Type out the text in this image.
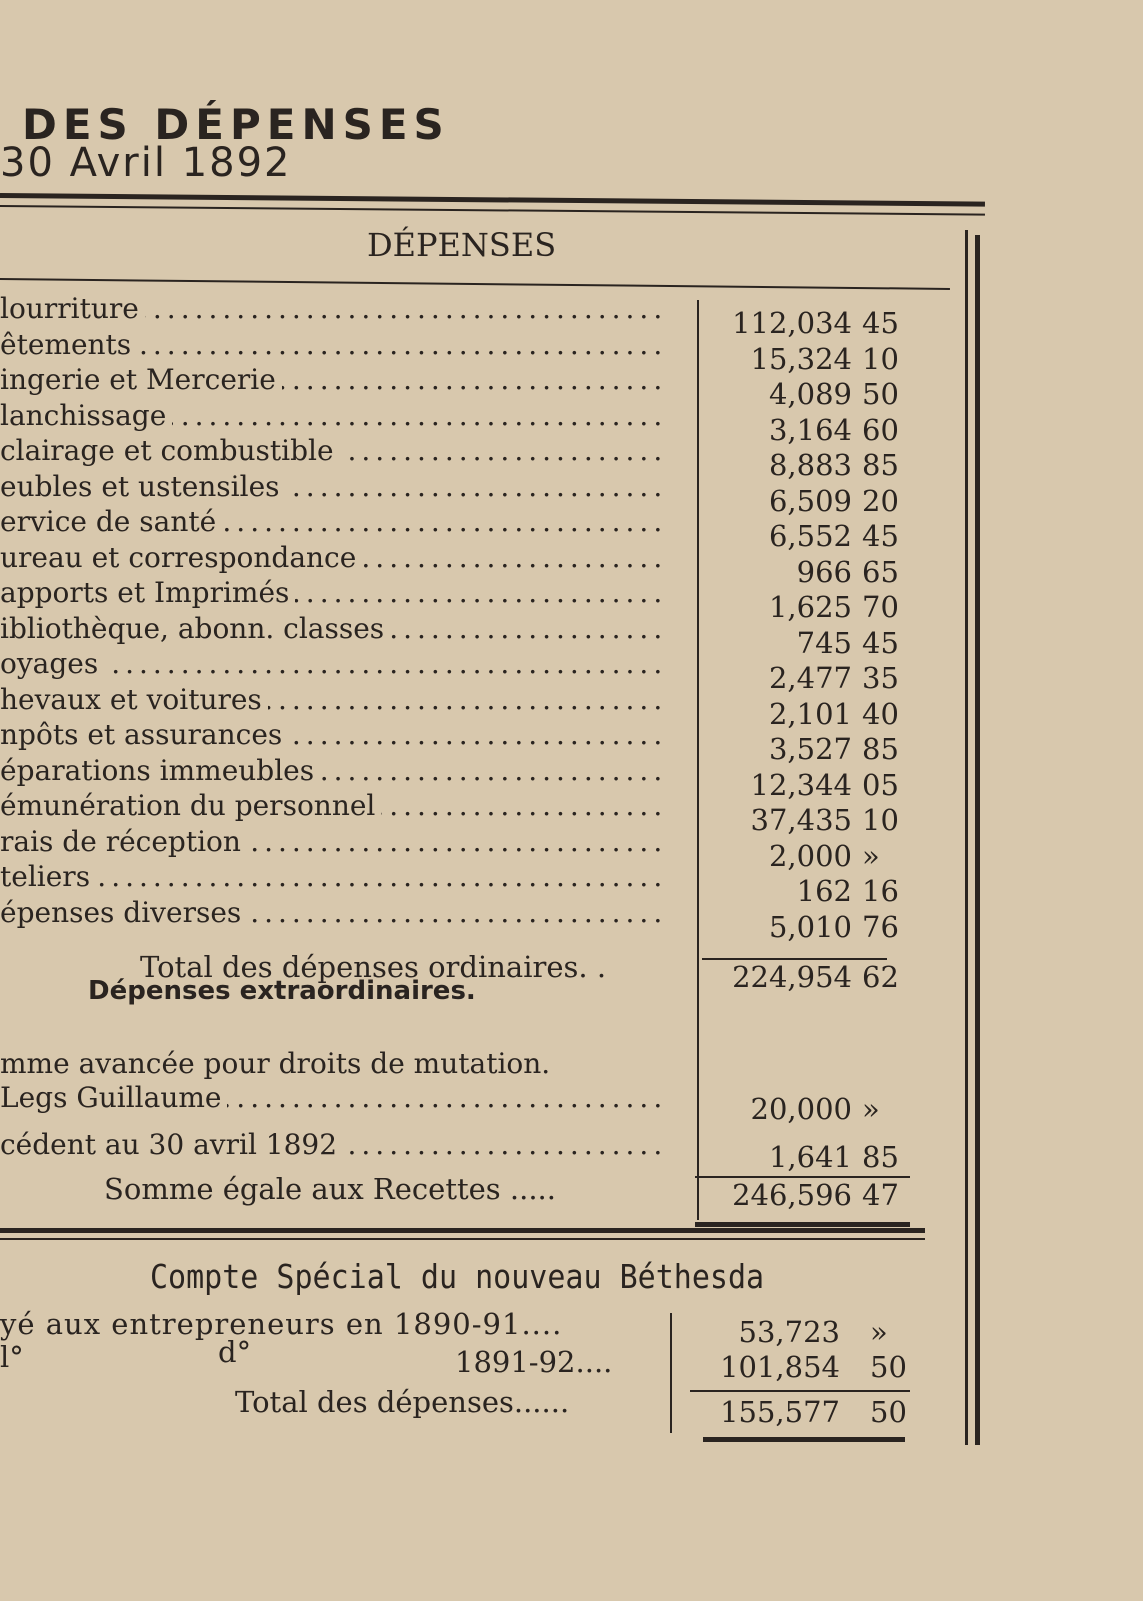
DES DÉPENSES
30 Avril 1892
DÉPENSES
lourriture .....	112,034 45
êtements .....	15,324 10
ingerie et Mercerie .....	4,089 50
lanchissage .....	3,164 60
clairage et combustible .....	8,883 85
eubles et ustensiles .....	6,509 20
ervice de santé .....	6,552 45
ureau et correspondance .....	966 65
apports et Imprimés .....	1,625 70
ibliothèque, abonn. classes .....	745 45
oyages .....	2,477 35
hevaux et voitures .....	2,101 40
npôts et assurances .....	3,527 85
éparations immeubles .....	12,344 05
émunération du personnel .....	37,435 10
rais de réception .....	2,000 »
teliers .....	162 16
épenses diverses .....	5,010 76
Total des dépenses ordinaires. .	224,954 62
Dépenses extraordinaires.
mme avancée pour droits de mutation.
Legs Guillaume .....	20,000 »
cédent au 30 avril 1892 .....	1,641 85
Somme égale aux Recettes .....	246,596 47
Compte Spécial du nouveau Béthesda
yé aux entrepreneurs en 1890-91....	53,723 »
l°	d°	1891-92....	101,854 50
Total des dépenses......	155,577 50
